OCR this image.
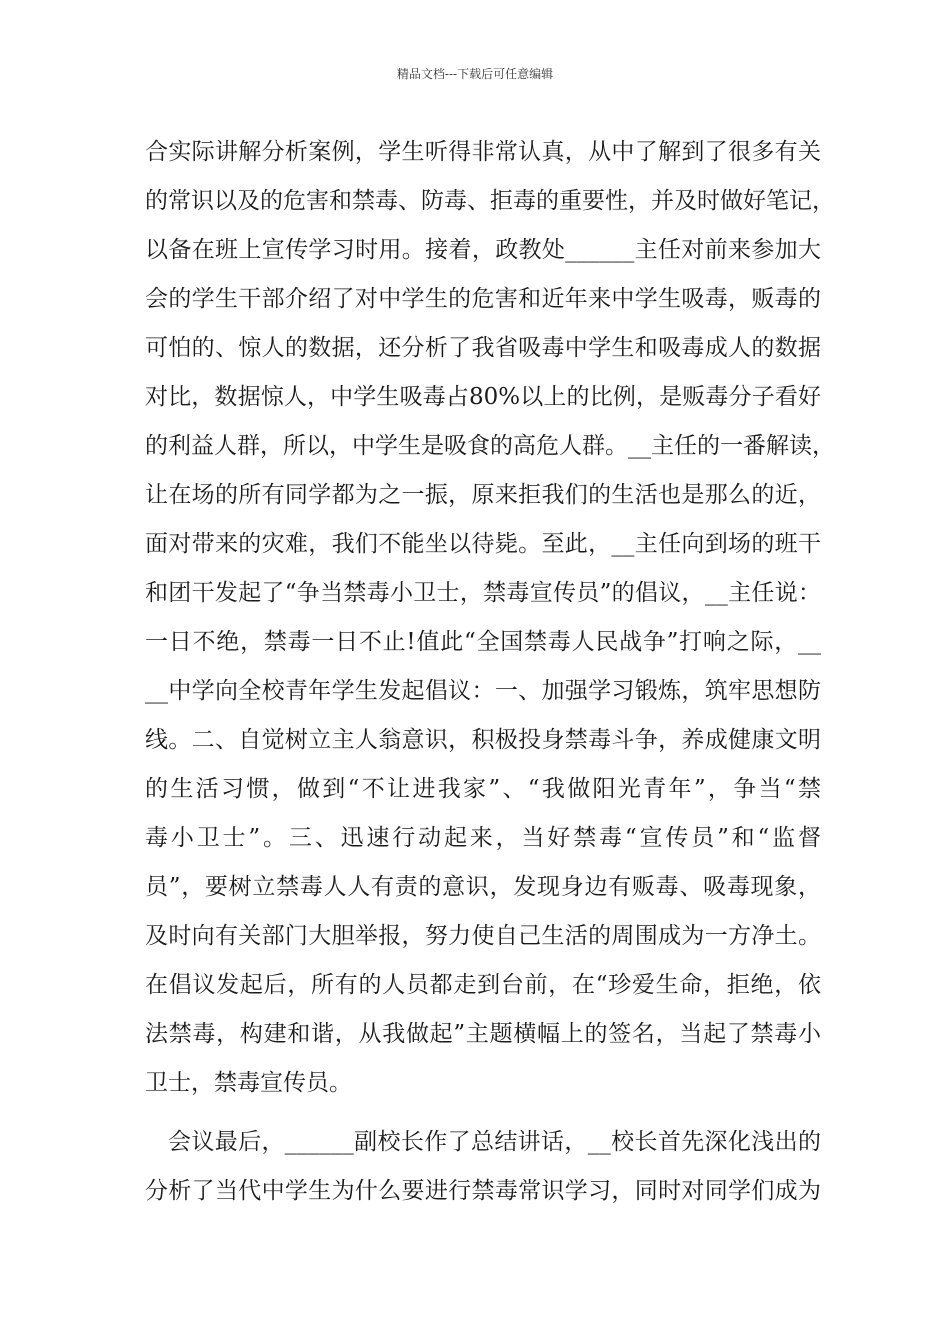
精品文档---下载后可任意编辑
合实际讲解分析案例，学生听得非常认真，从中了解到了很多有关
的常识以及的危害和禁毒、防毒、拒毒的重要性，并及时做好笔记，
以备在班上宣传学习时用。接着，政教处______主任对前来参加大
会的学生干部介绍了对中学生的危害和近年来中学生吸毒，贩毒的
可怕的、惊人的数据，还分析了我省吸毒中学生和吸毒成人的数据
对比，数据惊人，中学生吸毒占80%以上的比例，是贩毒分子看好
的利益人群，所以，中学生是吸食的高危人群。__主任的一番解读，
让在场的所有同学都为之一振，原来拒我们的生活也是那么的近，
面对带来的灾难，我们不能坐以待毙。至此，__主任向到场的班干
和团干发起了“争当禁毒小卫士，禁毒宣传员”的倡议，__主任说：
一日不绝，禁毒一日不止!值此“全国禁毒人民战争”打响之际，__
__中学向全校青年学生发起倡议：一、加强学习锻炼，筑牢思想防
线。二、自觉树立主人翁意识，积极投身禁毒斗争，养成健康文明
的生活习惯，做到“不让进我家”、“我做阳光青年”，争当“禁
毒小卫士”。三、迅速行动起来，当好禁毒“宣传员”和“监督
员”，要树立禁毒人人有责的意识，发现身边有贩毒、吸毒现象，
及时向有关部门大胆举报，努力使自己生活的周围成为一方净土。
在倡议发起后，所有的人员都走到台前，在“珍爱生命，拒绝，依
法禁毒，构建和谐，从我做起”主题横幅上的签名，当起了禁毒小
卫士，禁毒宣传员。
会议最后，______副校长作了总结讲话，__校长首先深化浅出的
分析了当代中学生为什么要进行禁毒常识学习，同时对同学们成为
